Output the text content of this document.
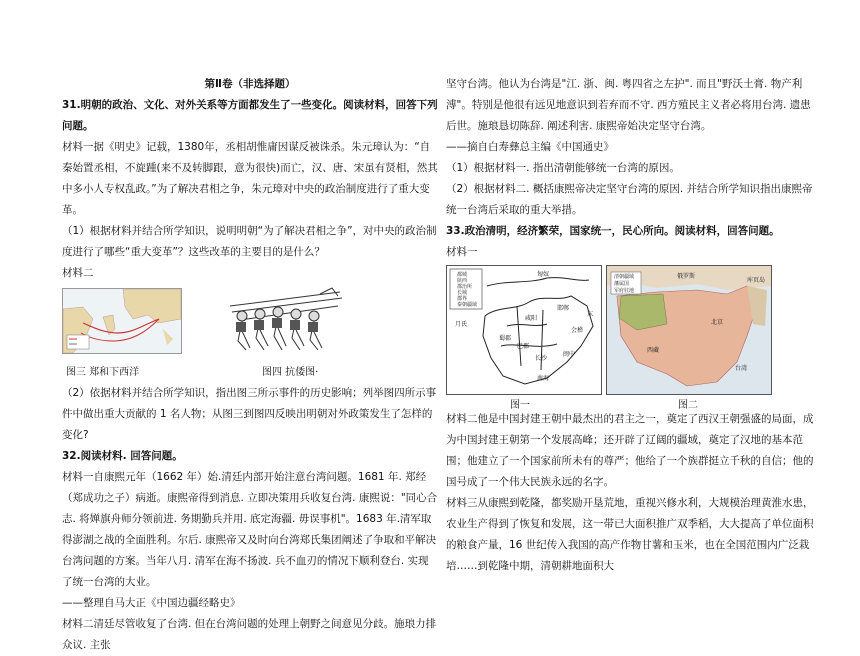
第Ⅱ卷（非选择题）

31.明朝的政治、文化、对外关系等方面都发生了一些变化。阅读材料，回答下列问题。

材料一据《明史》记载，1380年，丞相胡惟庸因谋反被诛杀。朱元璋认为：“自秦始置丞相，不旋踵(来不及转脚跟，意为很快)而亡，汉、唐、宋虽有贤相，然其中多小人专权乱政。”为了解决君相之争，朱元璋对中央的政治制度进行了重大变革。

（1）根据材料并结合所学知识，说明明朝“为了解决君相之争”，对中央的政治制度进行了哪些“重大变革”？这些改革的主要目的是什么？

材料二

图三 郑和下西洋	图四 抗倭图·

（2）依据材料并结合所学知识，指出图三所示事件的历史影响；列举图四所示事件中做出重大贡献的 1 名人物；从图三到图四反映出明朝对外政策发生了怎样的变化?

32.阅读材料. 回答问题。

材料一自康熙元年（1662 年）始.清廷内部开始注意台湾问题。1681 年. 郑经（郑成功之子）病逝。康熙帝得到消息. 立即决策用兵收复台湾. 康熙说："同心合志. 将婵旗舟师分领前进. 务期勤兵并用. 底定海疆. 毋误事机"。1683 年.清军取得澎湖之战的全面胜利。尔后. 康熙帝又及时向台湾郑氏集团阐述了争取和平解决台湾问题的方案。当年八月. 清军在海不扬波. 兵不血刃的情况下顺利登台. 实现了统一台湾的大业。

——整理自马大正《中国边疆经略史》

材料二清廷尽管收复了台湾. 但在台湾问题的处理上朝野之间意见分歧。施琅力排众议. 主张

坚守台湾。他认为台湾是"江. 浙、闽. 粤四省之左护". 而且"野沃土膏. 物产利溥"。特别是他很有远见地意识到若弃而不守. 西方殖民主义者必将用台湾. 遗患后世。施琅恳切陈辞. 阐述利害. 康熙帝始决定坚守台湾。

——摘自白寿彝总主编《中国通史》

（1）根据材料一. 指出清朝能够统一台湾的原因。

（2）根据材料二. 概括康熙帝决定坚守台湾的原因. 并结合所学知识指出康熙帝统一台湾后采取的重大举措。

33.政治清明，经济繁荣，国家统一，民心所向。阅读材料，回答问题。

材料一

都城
陕西
郡治所
长城
郡界
秦朝疆域
咸阳
蜀郡
巴郡
长沙
南海
闽中
会稽
邯郸
月氏
匈奴
东
清朝疆域
藩属国
军府驻地
俄罗斯
库页岛
北京
西藏
台湾
图一	图二

材料二他是中国封建王朝中最杰出的君主之一，奠定了西汉王朝强盛的局面，成为中国封建王朝第一个发展高峰；还开辟了辽阔的疆域，奠定了汉地的基本范围；他建立了一个国家前所未有的尊严；他给了一个族群挺立千秋的自信；他的国号成了一个伟大民族永远的名字。

材料三从康熙到乾隆，都奖励开垦荒地，重视兴修水利，大规模治理黄淮水患，农业生产得到了恢复和发展，这一带已大面积推广双季稻，大大提高了单位面积的粮食产量，16 世纪传入我国的高产作物甘薯和玉米，也在全国范围内广泛栽培……到乾隆中期，清朝耕地面积大
